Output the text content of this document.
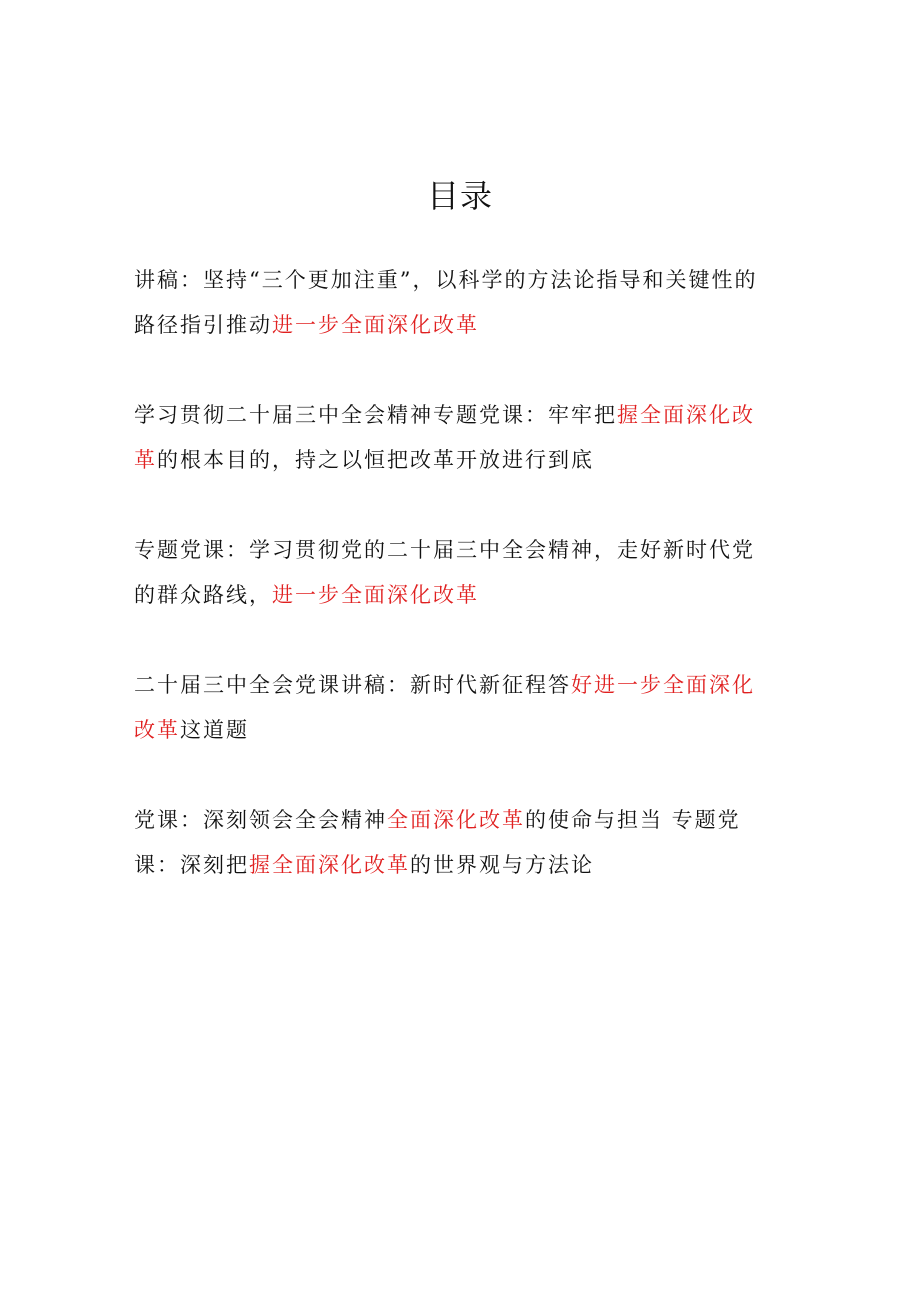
目录
讲稿：坚持“三个更加注重”，以科学的方法论指导和关键性的
路径指引推动进一步全面深化改革
学习贯彻二十届三中全会精神专题党课：牢牢把握全面深化改
革的根本目的，持之以恒把改革开放进行到底
专题党课：学习贯彻党的二十届三中全会精神，走好新时代党
的群众路线，进一步全面深化改革
二十届三中全会党课讲稿：新时代新征程答好进一步全面深化
改革这道题
党课：深刻领会全会精神全面深化改革的使命与担当 专题党
课：深刻把握全面深化改革的世界观与方法论
